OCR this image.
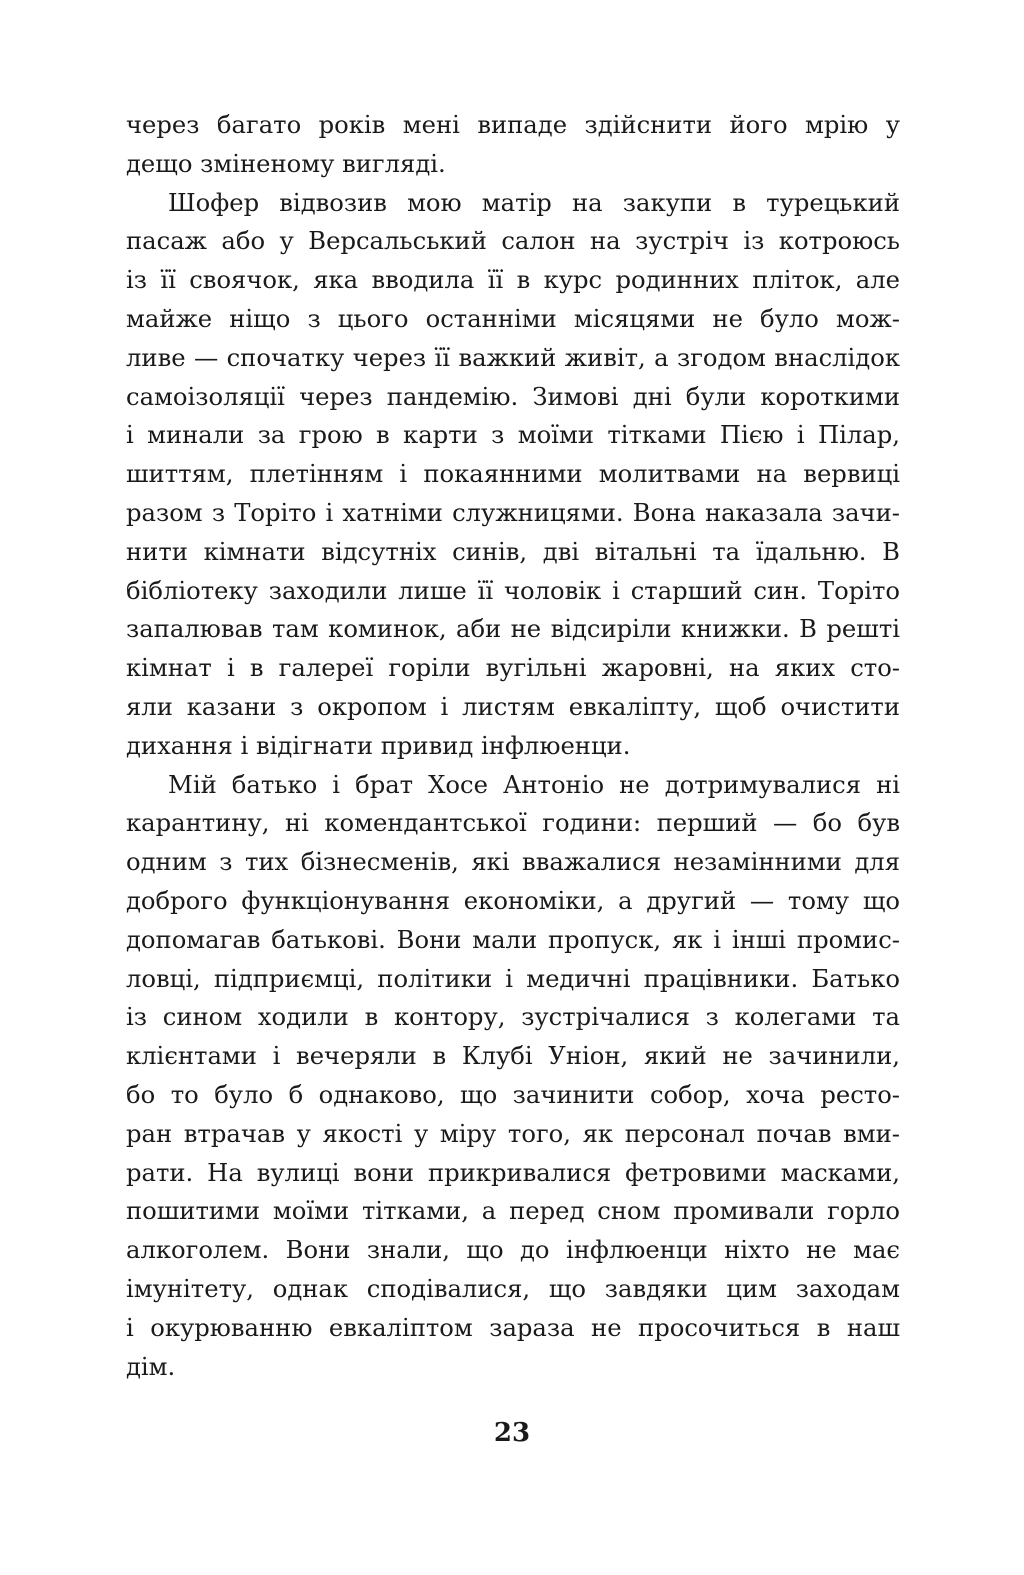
через багато років мені випаде здійснити його мрію у
дещо зміненому вигляді.
Шофер відвозив мою матір на закупи в турецький
пасаж або у Версальський салон на зустріч із котроюсь
із її своячок, яка вводила її в курс родинних пліток, але
майже ніщо з цього останніми місяцями не було мож-
ливе — спочатку через її важкий живіт, а згодом внаслідок
самоізоляції через пандемію. Зимові дні були короткими
і минали за грою в карти з моїми тітками Пією і Пілар,
шиттям, плетінням і покаянними молитвами на вервиці
разом з Торіто і хатніми служницями. Вона наказала зачи-
нити кімнати відсутніх синів, дві вітальні та їдальню. В
бібліотеку заходили лише її чоловік і старший син. Торіто
запалював там коминок, аби не відсиріли книжки. В решті
кімнат і в галереї горіли вугільні жаровні, на яких сто-
яли казани з окропом і листям евкаліпту, щоб очистити
дихання і відігнати привид інфлюенци.
Мій батько і брат Хосе Антоніо не дотримувалися ні
карантину, ні комендантської години: перший — бо був
одним з тих бізнесменів, які вважалися незамінними для
доброго функціонування економіки, а другий — тому що
допомагав батькові. Вони мали пропуск, як і інші промис-
ловці, підприємці, політики і медичні працівники. Батько
із сином ходили в контору, зустрічалися з колегами та
клієнтами і вечеряли в Клубі Уніон, який не зачинили,
бо то було б однаково, що зачинити собор, хоча ресто-
ран втрачав у якості у міру того, як персонал почав вми-
рати. На вулиці вони прикривалися фетровими масками,
пошитими моїми тітками, а перед сном промивали горло
алкоголем. Вони знали, що до інфлюенци ніхто не має
імунітету, однак сподівалися, що завдяки цим заходам
і окурюванню евкаліптом зараза не просочиться в наш
дім.
23
